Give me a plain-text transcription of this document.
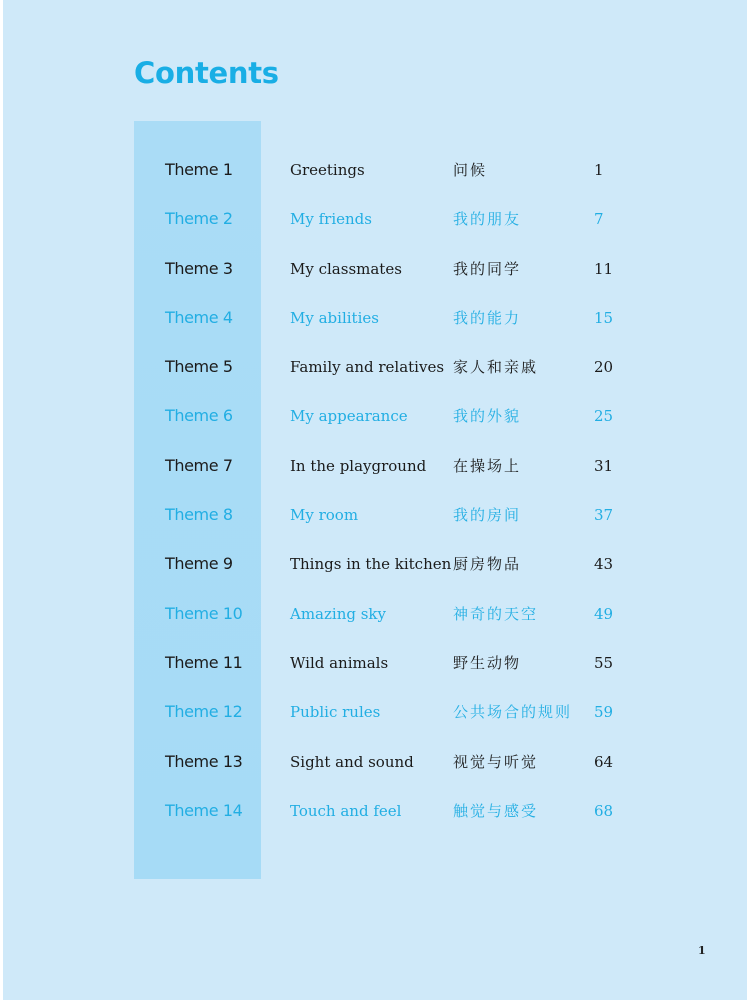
Contents
Theme 1	Greetings	问候	1
Theme 2	My friends	我的朋友	7
Theme 3	My classmates	我的同学	11
Theme 4	My abilities	我的能力	15
Theme 5	Family and relatives 家人和亲戚	20
Theme 6	My appearance	我的外貌	25
Theme 7	In the playground 在操场上	31
Theme 8	My room	我的房间	37
Theme 9	Things in the kitchen 厨房物品	43
Theme 10	Amazing sky	神奇的天空	49
Theme 11	Wild animals	野生动物	55
Theme 12	Public rules	公共场合的规则 59
Theme 13	Sight and sound	视觉与听觉	64
Theme 14	Touch and feel	触觉与感受	68
1
